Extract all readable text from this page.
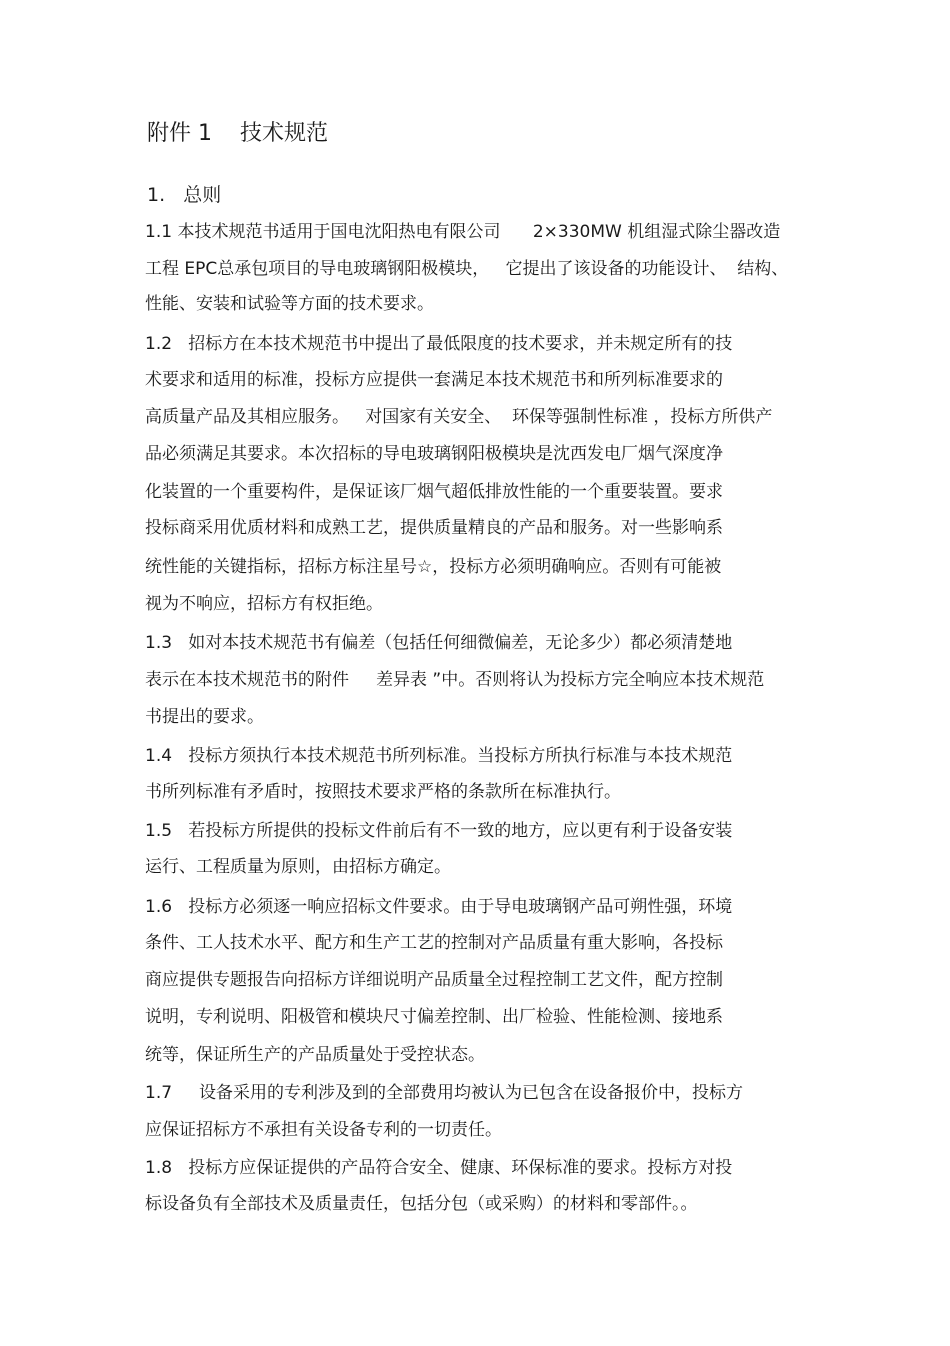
附件 1    技术规范
1.   总则
1.1 本技术规范书适用于国电沈阳热电有限公司      2×330MW 机组湿式除尘器改造
工程 EPC总承包项目的导电玻璃钢阳极模块，   它提出了该设备的功能设计、  结构、
性能、安装和试验等方面的技术要求。
1.2   招标方在本技术规范书中提出了最低限度的技术要求，并未规定所有的技
术要求和适用的标准，投标方应提供一套满足本技术规范书和所列标准要求的
高质量产品及其相应服务。   对国家有关安全、  环保等强制性标准 ，投标方所供产
品必须满足其要求。本次招标的导电玻璃钢阳极模块是沈西发电厂烟气深度净
化装置的一个重要构件，是保证该厂烟气超低排放性能的一个重要装置。要求
投标商采用优质材料和成熟工艺，提供质量精良的产品和服务。对一些影响系
统性能的关键指标，招标方标注星号☆，投标方必须明确响应。否则有可能被
视为不响应，招标方有权拒绝。
1.3   如对本技术规范书有偏差（包括任何细微偏差，无论多少）都必须清楚地
表示在本技术规范书的附件     差异表 ”中。否则将认为投标方完全响应本技术规范
书提出的要求。
1.4   投标方须执行本技术规范书所列标准。当投标方所执行标准与本技术规范
书所列标准有矛盾时，按照技术要求严格的条款所在标准执行。
1.5   若投标方所提供的投标文件前后有不一致的地方，应以更有利于设备安装
运行、工程质量为原则，由招标方确定。
1.6   投标方必须逐一响应招标文件要求。由于导电玻璃钢产品可朔性强，环境
条件、工人技术水平、配方和生产工艺的控制对产品质量有重大影响，各投标
商应提供专题报告向招标方详细说明产品质量全过程控制工艺文件，配方控制
说明，专利说明、阳极管和模块尺寸偏差控制、出厂检验、性能检测、接地系
统等，保证所生产的产品质量处于受控状态。
1.7     设备采用的专利涉及到的全部费用均被认为已包含在设备报价中，投标方
应保证招标方不承担有关设备专利的一切责任。
1.8   投标方应保证提供的产品符合安全、健康、环保标准的要求。投标方对投
标设备负有全部技术及质量责任，包括分包（或采购）的材料和零部件。。
